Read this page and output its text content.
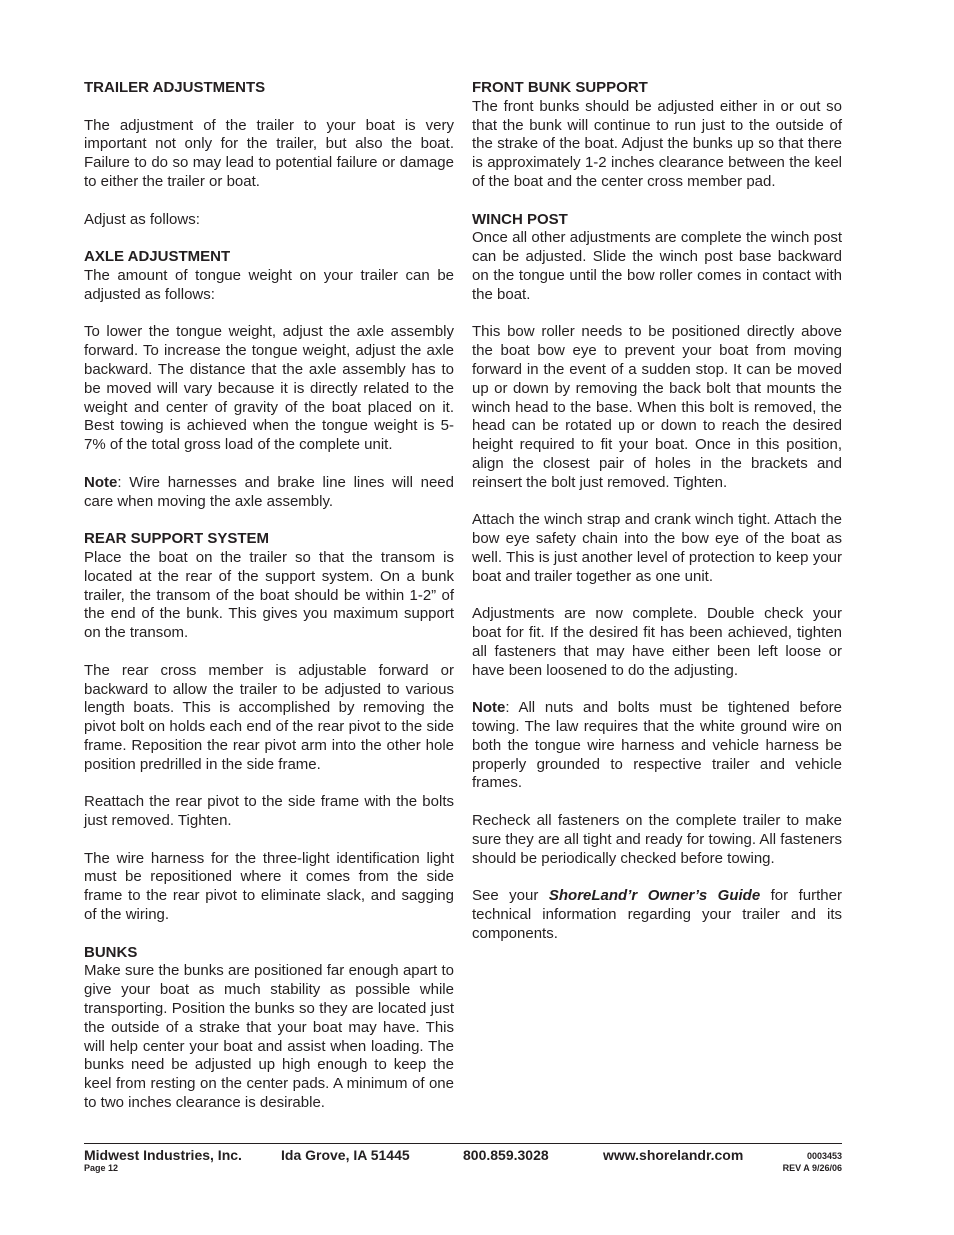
TRAILER ADJUSTMENTS
The adjustment of the trailer to your boat is very important not only for the trailer, but also the boat. Failure to do so may lead to potential failure or damage to either the trailer or boat.
Adjust as follows:
AXLE ADJUSTMENT
The amount of tongue weight on your trailer can be adjusted as follows:
To lower the tongue weight, adjust the axle assembly forward. To increase the tongue weight, adjust the axle backward. The distance that the axle assembly has to be moved will vary because it is directly related to the weight and center of gravity of the boat placed on it. Best towing is achieved when the tongue weight is 5-7% of the total gross load of the complete unit.
Note: Wire harnesses and brake line lines will need care when moving the axle assembly.
REAR SUPPORT SYSTEM
Place the boat on the trailer so that the transom is located at the rear of the support system. On a bunk trailer, the transom of the boat should be within 1-2” of the end of the bunk. This gives you maximum support on the transom.
The rear cross member is adjustable forward or backward to allow the trailer to be adjusted to various length boats. This is accomplished by removing the pivot bolt on holds each end of the rear pivot to the side frame. Reposition the rear pivot arm into the other hole position predrilled in the side frame.
Reattach the rear pivot to the side frame with the bolts just removed. Tighten.
The wire harness for the three-light identification light must be repositioned where it comes from the side frame to the rear pivot to eliminate slack, and sagging of the wiring.
BUNKS
Make sure the bunks are positioned far enough apart to give your boat as much stability as possible while transporting. Position the bunks so they are located just the outside of a strake that your boat may have. This will help center your boat and assist when loading. The bunks need be adjusted up high enough to keep the keel from resting on the center pads. A minimum of one to two inches clearance is desirable.
FRONT BUNK SUPPORT
The front bunks should be adjusted either in or out so that the bunk will continue to run just to the outside of the strake of the boat. Adjust the bunks up so that there is approximately 1-2 inches clearance between the keel of the boat and the center cross member pad.
WINCH POST
Once all other adjustments are complete the winch post can be adjusted. Slide the winch post base backward on the tongue until the bow roller comes in contact with the boat.
This bow roller needs to be positioned directly above the boat bow eye to prevent your boat from moving forward in the event of a sudden stop. It can be moved up or down by removing the back bolt that mounts the winch head to the base. When this bolt is removed, the head can be rotated up or down to reach the desired height required to fit your boat. Once in this position, align the closest pair of holes in the brackets and reinsert the bolt just removed. Tighten.
Attach the winch strap and crank winch tight. Attach the bow eye safety chain into the bow eye of the boat as well. This is just another level of protection to keep your boat and trailer together as one unit.
Adjustments are now complete. Double check your boat for fit. If the desired fit has been achieved, tighten all fasteners that may have either been left loose or have been loosened to do the adjusting.
Note: All nuts and bolts must be tightened before towing. The law requires that the white ground wire on both the tongue wire harness and vehicle harness be properly grounded to respective trailer and vehicle frames.
Recheck all fasteners on the complete trailer to make sure they are all tight and ready for towing. All fasteners should be periodically checked before towing.
See your ShoreLand’r Owner’s Guide for further technical information regarding your trailer and its components.
Midwest Industries, Inc.	Ida Grove, IA 51445	800.859.3028	www.shorelandr.com
Page 12
0003453
REV A 9/26/06
